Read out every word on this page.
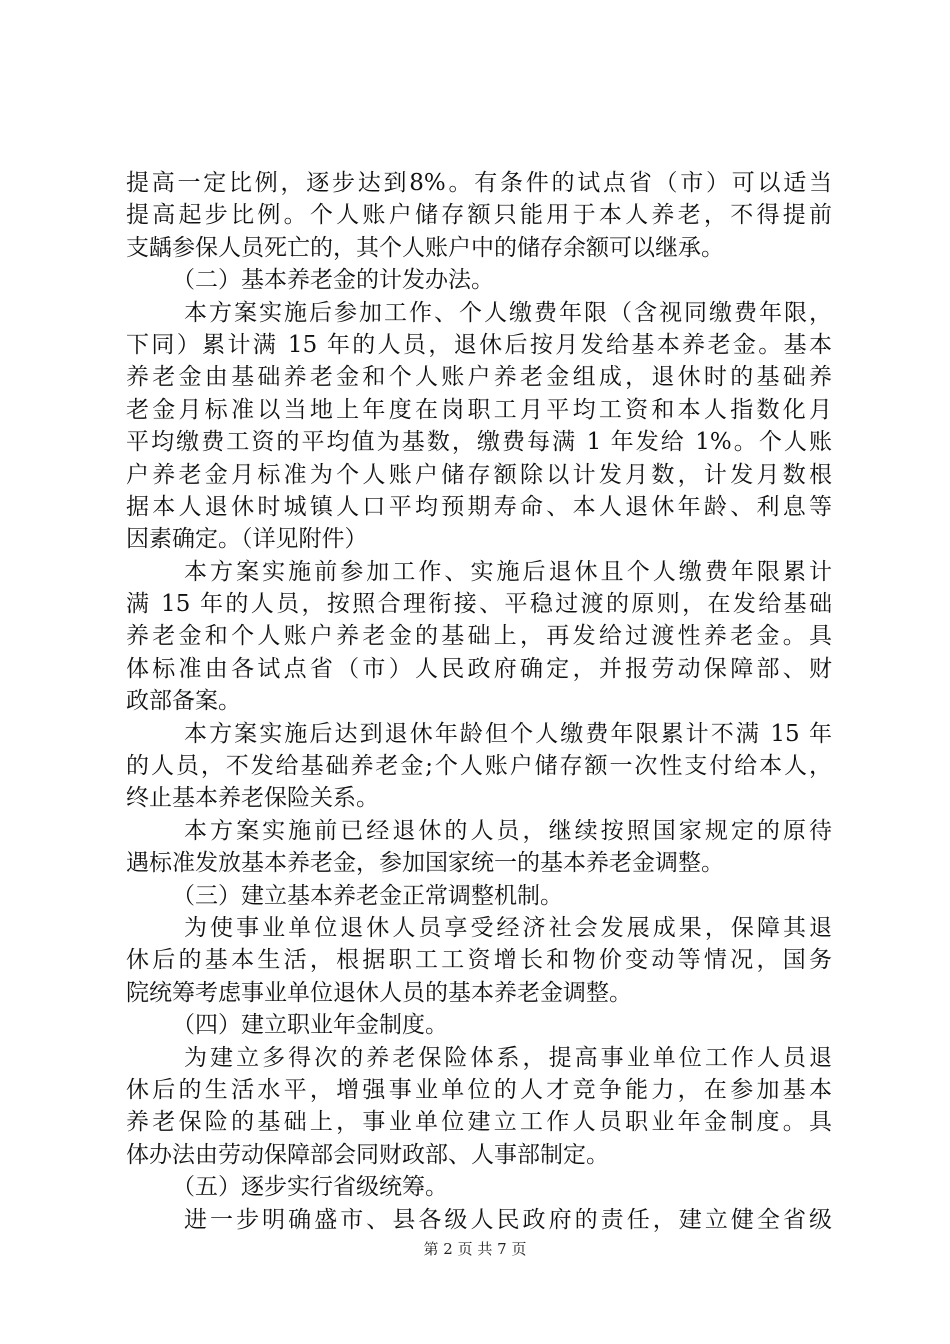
提高一定比例，逐步达到8%。有条件的试点省（市）可以适当
提高起步比例。个人账户储存额只能用于本人养老，不得提前
支龋参保人员死亡的，其个人账户中的储存余额可以继承。
（二）基本养老金的计发办法。
本方案实施后参加工作、个人缴费年限（含视同缴费年限，
下同）累计满 15 年的人员，退休后按月发给基本养老金。基本
养老金由基础养老金和个人账户养老金组成，退休时的基础养
老金月标准以当地上年度在岗职工月平均工资和本人指数化月
平均缴费工资的平均值为基数，缴费每满 1 年发给 1%。个人账
户养老金月标准为个人账户储存额除以计发月数，计发月数根
据本人退休时城镇人口平均预期寿命、本人退休年龄、利息等
因素确定。（详见附件）
本方案实施前参加工作、实施后退休且个人缴费年限累计
满 15 年的人员，按照合理衔接、平稳过渡的原则，在发给基础
养老金和个人账户养老金的基础上，再发给过渡性养老金。具
体标准由各试点省（市）人民政府确定，并报劳动保障部、财
政部备案。
本方案实施后达到退休年龄但个人缴费年限累计不满 15 年
的人员，不发给基础养老金;个人账户储存额一次性支付给本人，
终止基本养老保险关系。
本方案实施前已经退休的人员，继续按照国家规定的原待
遇标准发放基本养老金，参加国家统一的基本养老金调整。
（三）建立基本养老金正常调整机制。
为使事业单位退休人员享受经济社会发展成果，保障其退
休后的基本生活，根据职工工资增长和物价变动等情况，国务
院统筹考虑事业单位退休人员的基本养老金调整。
（四）建立职业年金制度。
为建立多得次的养老保险体系，提高事业单位工作人员退
休后的生活水平，增强事业单位的人才竞争能力，在参加基本
养老保险的基础上，事业单位建立工作人员职业年金制度。具
体办法由劳动保障部会同财政部、人事部制定。
（五）逐步实行省级统筹。
进一步明确盛市、县各级人民政府的责任，建立健全省级
第 2 页 共 7 页
